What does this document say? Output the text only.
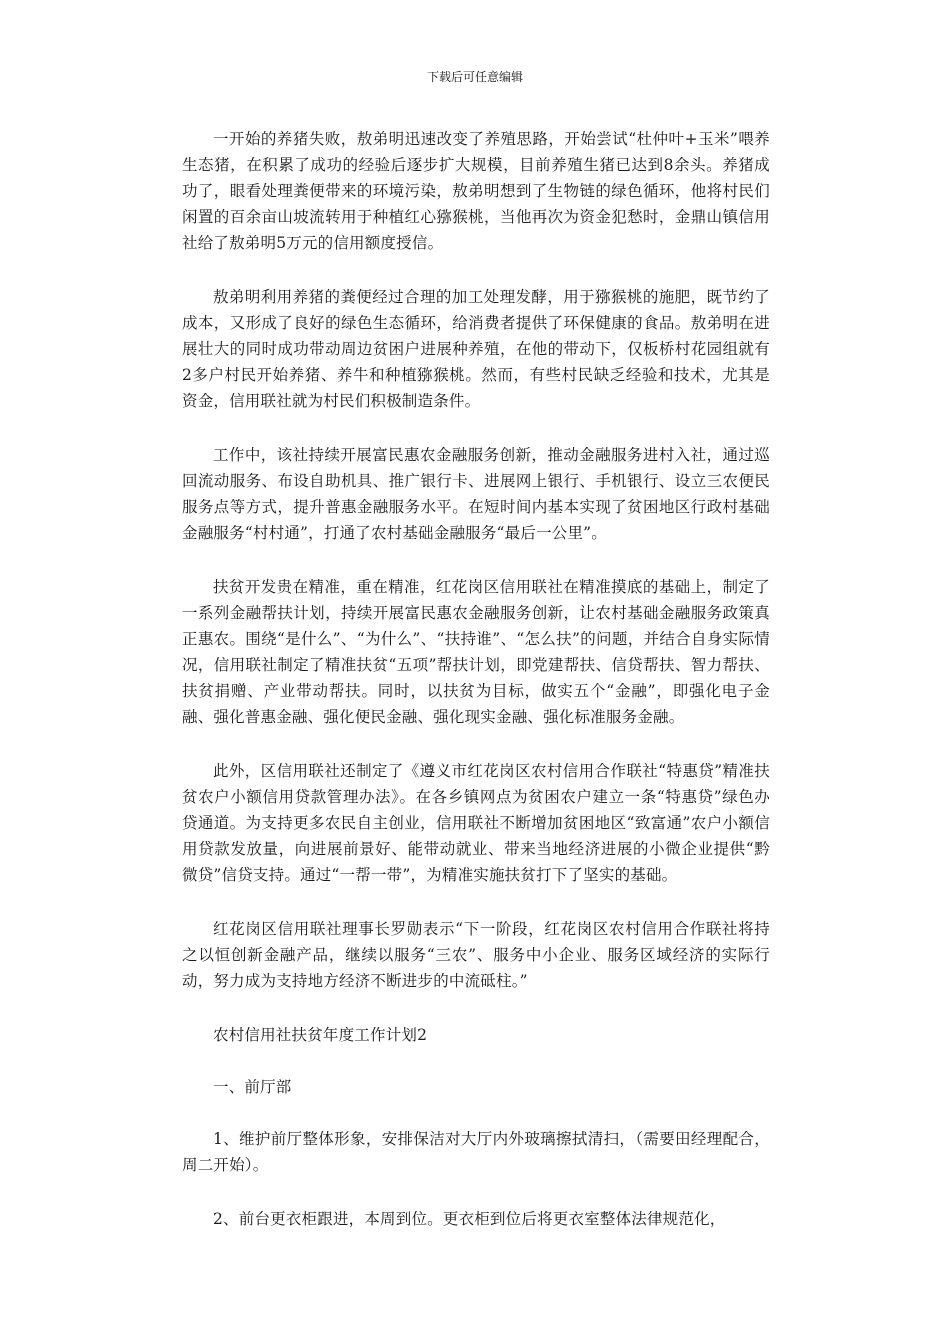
下载后可任意编辑

一开始的养猪失败，敖弟明迅速改变了养殖思路，开始尝试“杜仲叶+玉米”喂养生态猪，在积累了成功的经验后逐步扩大规模，目前养殖生猪已达到8余头。养猪成功了，眼看处理粪便带来的环境污染，敖弟明想到了生物链的绿色循环，他将村民们闲置的百余亩山坡流转用于种植红心猕猴桃，当他再次为资金犯愁时，金鼎山镇信用社给了敖弟明5万元的信用额度授信。

敖弟明利用养猪的粪便经过合理的加工处理发酵，用于猕猴桃的施肥，既节约了成本，又形成了良好的绿色生态循环，给消费者提供了环保健康的食品。敖弟明在进展壮大的同时成功带动周边贫困户进展种养殖，在他的带动下，仅板桥村花园组就有2多户村民开始养猪、养牛和种植猕猴桃。然而，有些村民缺乏经验和技术，尤其是资金，信用联社就为村民们积极制造条件。

工作中，该社持续开展富民惠农金融服务创新，推动金融服务进村入社，通过巡回流动服务、布设自助机具、推广银行卡、进展网上银行、手机银行、设立三农便民服务点等方式，提升普惠金融服务水平。在短时间内基本实现了贫困地区行政村基础金融服务“村村通”，打通了农村基础金融服务“最后一公里”。

扶贫开发贵在精准，重在精准，红花岗区信用联社在精准摸底的基础上，制定了一系列金融帮扶计划，持续开展富民惠农金融服务创新，让农村基础金融服务政策真正惠农。围绕“是什么”、“为什么”、“扶持谁”、“怎么扶”的问题，并结合自身实际情况，信用联社制定了精准扶贫“五项”帮扶计划，即党建帮扶、信贷帮扶、智力帮扶、扶贫捐赠、产业带动帮扶。同时，以扶贫为目标，做实五个“金融”，即强化电子金融、强化普惠金融、强化便民金融、强化现实金融、强化标准服务金融。

此外，区信用联社还制定了《遵义市红花岗区农村信用合作联社“特惠贷”精准扶贫农户小额信用贷款管理办法》。在各乡镇网点为贫困农户建立一条“特惠贷”绿色办贷通道。为支持更多农民自主创业，信用联社不断增加贫困地区“致富通”农户小额信用贷款发放量，向进展前景好、能带动就业、带来当地经济进展的小微企业提供“黔微贷”信贷支持。通过“一帮一带”，为精准实施扶贫打下了坚实的基础。

红花岗区信用联社理事长罗勋表示“下一阶段，红花岗区农村信用合作联社将持之以恒创新金融产品，继续以服务“三农”、服务中小企业、服务区域经济的实际行动，努力成为支持地方经济不断进步的中流砥柱。”

农村信用社扶贫年度工作计划2

一、前厅部

1、维护前厅整体形象，安排保洁对大厅内外玻璃擦拭清扫，（需要田经理配合，周二开始）。

2、前台更衣柜跟进，本周到位。更衣柜到位后将更衣室整体法律规范化，
